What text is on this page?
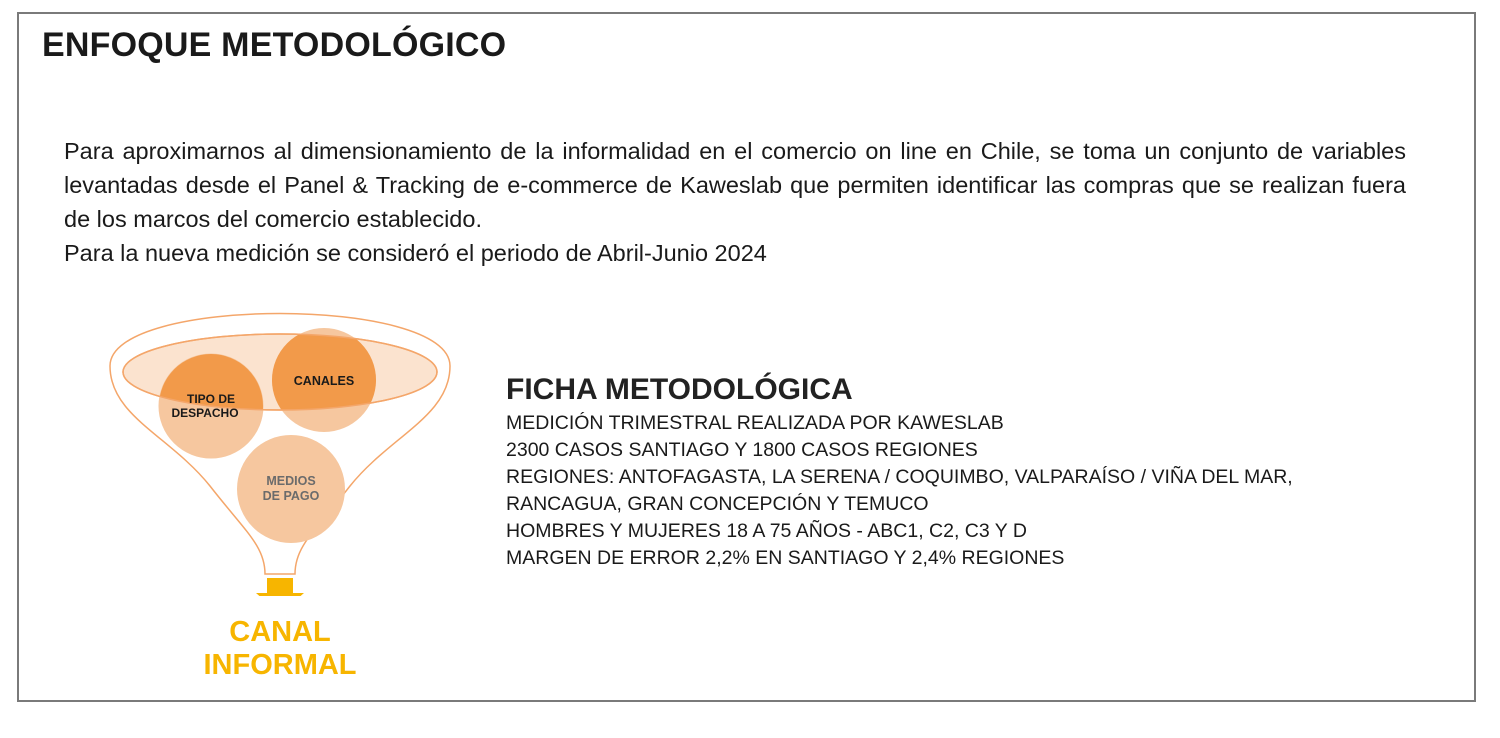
ENFOQUE METODOLÓGICO

Para aproximarnos al dimensionamiento de la informalidad en el comercio on line en Chile, se toma un conjunto de variables levantadas desde el Panel & Tracking de e-commerce de Kaweslab que permiten identificar las compras que se realizan fuera de los marcos del comercio establecido.

Para la nueva medición se consideró el periodo de Abril-Junio 2024

TIPO DE
DESPACHO
CANALES
MEDIOS
DE PAGO
CANAL
INFORMAL
FICHA METODOLÓGICA
MEDICIÓN TRIMESTRAL REALIZADA POR KAWESLAB
2300 CASOS SANTIAGO Y 1800 CASOS REGIONES
REGIONES: ANTOFAGASTA, LA SERENA / COQUIMBO, VALPARAÍSO / VIÑA DEL MAR,
RANCAGUA, GRAN CONCEPCIÓN Y TEMUCO
HOMBRES Y MUJERES 18 A 75 AÑOS - ABC1, C2, C3 Y D
MARGEN DE ERROR 2,2% EN SANTIAGO Y 2,4% REGIONES
